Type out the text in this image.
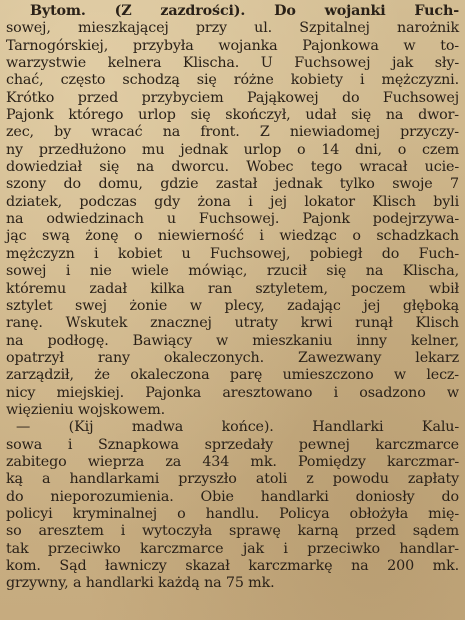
Bytom. (Z zazdrości). Do wojanki Fuch-
sowej, mieszkającej przy ul. Szpitalnej narożnik
Tarnogórskiej, przybyła wojanka Pajonkowa w to-
warzystwie kelnera Klischa. U Fuchsowej jak sły-
chać, często schodzą się różne kobiety i mężczyzni.
Krótko przed przybyciem Pająkowej do Fuchsowej
Pajonk którego urlop się skończył, udał się na dwor-
zec, by wracać na front. Z niewiadomej przyczy-
ny przedłużono mu jednak urlop o 14 dni, o czem
dowiedział się na dworcu. Wobec tego wracał ucie-
szony do domu, gdzie zastał jednak tylko swoje 7
dziatek, podczas gdy żona i jej lokator Klisch byli
na odwiedzinach u Fuchsowej. Pajonk podejrzywa-
jąc swą żonę o niewierność i wiedząc o schadzkach
mężczyzn i kobiet u Fuchsowej, pobiegł do Fuch-
sowej i nie wiele mówiąc, rzucił się na Klischa,
któremu zadał kilka ran sztyletem, poczem wbił
sztylet swej żonie w plecy, zadając jej głęboką
ranę. Wskutek znacznej utraty krwi runął Klisch
na podłogę. Bawiący w mieszkaniu inny kelner,
opatrzył rany okaleczonych. Zawezwany lekarz
zarządził, że okaleczona parę umieszczono w lecz-
nicy miejskiej. Pajonka aresztowano i osadzono w
więzieniu wojskowem.
— (Kij madwa końce). Handlarki Kalu-
sowa i Sznapkowa sprzedały pewnej karczmarce
zabitego wieprza za 434 mk. Pomiędzy karczmar-
ką a handlarkami przyszło atoli z powodu zapłaty
do nieporozumienia. Obie handlarki doniosły do
policyi kryminalnej o handlu. Policya obłożyła mię-
so aresztem i wytoczyła sprawę karną przed sądem
tak przeciwko karczmarce jak i przeciwko handlar-
kom. Sąd ławniczy skazał karczmarkę na 200 mk.
grzywny, a handlarki każdą na 75 mk.
